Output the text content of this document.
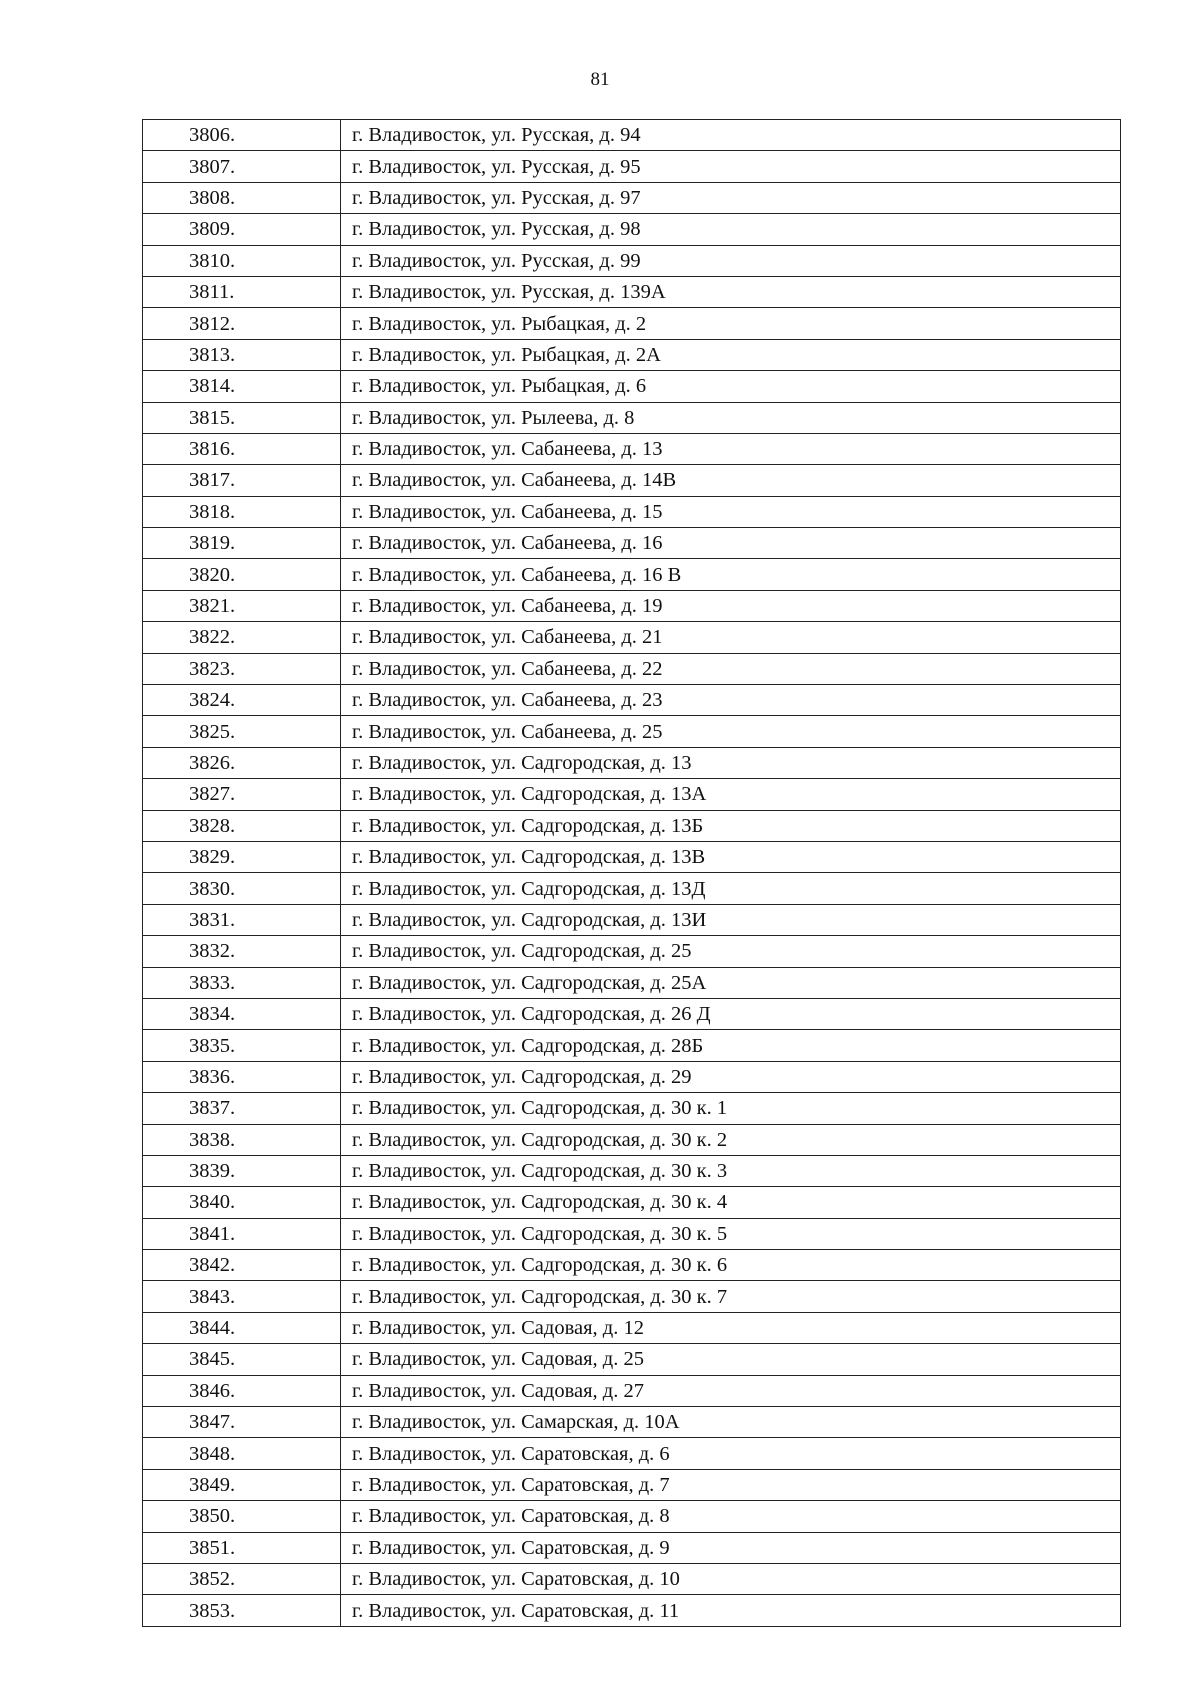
81
3806.	г. Владивосток, ул. Русская, д. 94
3807.	г. Владивосток, ул. Русская, д. 95
3808.	г. Владивосток, ул. Русская, д. 97
3809.	г. Владивосток, ул. Русская, д. 98
3810.	г. Владивосток, ул. Русская, д. 99
3811.	г. Владивосток, ул. Русская, д. 139А
3812.	г. Владивосток, ул. Рыбацкая, д. 2
3813.	г. Владивосток, ул. Рыбацкая, д. 2А
3814.	г. Владивосток, ул. Рыбацкая, д. 6
3815.	г. Владивосток, ул. Рылеева, д. 8
3816.	г. Владивосток, ул. Сабанеева, д. 13
3817.	г. Владивосток, ул. Сабанеева, д. 14В
3818.	г. Владивосток, ул. Сабанеева, д. 15
3819.	г. Владивосток, ул. Сабанеева, д. 16
3820.	г. Владивосток, ул. Сабанеева, д. 16 В
3821.	г. Владивосток, ул. Сабанеева, д. 19
3822.	г. Владивосток, ул. Сабанеева, д. 21
3823.	г. Владивосток, ул. Сабанеева, д. 22
3824.	г. Владивосток, ул. Сабанеева, д. 23
3825.	г. Владивосток, ул. Сабанеева, д. 25
3826.	г. Владивосток, ул. Садгородская, д. 13
3827.	г. Владивосток, ул. Садгородская, д. 13А
3828.	г. Владивосток, ул. Садгородская, д. 13Б
3829.	г. Владивосток, ул. Садгородская, д. 13В
3830.	г. Владивосток, ул. Садгородская, д. 13Д
3831.	г. Владивосток, ул. Садгородская, д. 13И
3832.	г. Владивосток, ул. Садгородская, д. 25
3833.	г. Владивосток, ул. Садгородская, д. 25А
3834.	г. Владивосток, ул. Садгородская, д. 26 Д
3835.	г. Владивосток, ул. Садгородская, д. 28Б
3836.	г. Владивосток, ул. Садгородская, д. 29
3837.	г. Владивосток, ул. Садгородская, д. 30 к. 1
3838.	г. Владивосток, ул. Садгородская, д. 30 к. 2
3839.	г. Владивосток, ул. Садгородская, д. 30 к. 3
3840.	г. Владивосток, ул. Садгородская, д. 30 к. 4
3841.	г. Владивосток, ул. Садгородская, д. 30 к. 5
3842.	г. Владивосток, ул. Садгородская, д. 30 к. 6
3843.	г. Владивосток, ул. Садгородская, д. 30 к. 7
3844.	г. Владивосток, ул. Садовая, д. 12
3845.	г. Владивосток, ул. Садовая, д. 25
3846.	г. Владивосток, ул. Садовая, д. 27
3847.	г. Владивосток, ул. Самарская, д. 10А
3848.	г. Владивосток, ул. Саратовская, д. 6
3849.	г. Владивосток, ул. Саратовская, д. 7
3850.	г. Владивосток, ул. Саратовская, д. 8
3851.	г. Владивосток, ул. Саратовская, д. 9
3852.	г. Владивосток, ул. Саратовская, д. 10
3853.	г. Владивосток, ул. Саратовская, д. 11
